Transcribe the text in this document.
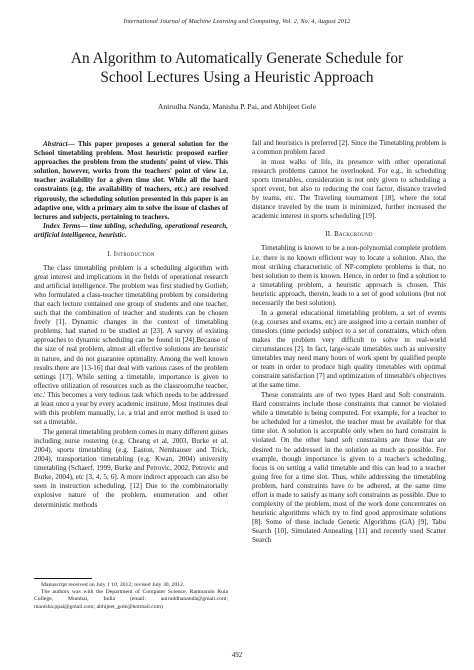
International Journal of Machine Learning and Computing, Vol. 2, No. 4, August 2012
An Algorithm to Automatically Generate Schedule for
School Lectures Using a Heuristic Approach
Anirudha Nanda, Manisha P. Pai, and Abhijeet Gole

Abstract— This paper proposes a general solution for the School timetabling problem. Most heuristic proposed earlier approaches the problem from the students' point of view. This solution, however, works from the teachers' point of view i.e. teacher availability for a given time slot. While all the hard constraints (e.g. the availability of teachers, etc.) are resolved rigorously, the scheduling solution presented in this paper is an adaptive one, with a primary aim to solve the issue of clashes of lectures and subjects, pertaining to teachers.

Index Terms— time tabling, scheduling, operational research, artificial intelligence, heuristic.

I. Introduction

The class timetabling problem is a scheduling algorithm with great interest and implications in the fields of operational research and artificial intelligence. The problem was first studied by Gotlieb, who formulated a class-teacher timetabling problem by considering that each lecture contained one group of students and one teacher, such that the combination of teacher and students can be chosen freely [1]. Dynamic changes in the context of timetabling problems, had started to be studied at [23]. A survey of existing approaches to dynamic scheduling can be found in [24].Because of the size of real problem, almost all effective solutions are heuristic in nature, and do not guarantee optimality. Among the well known results there are [13-16] that deal with various cases of the problem settings [17]. While setting a timetable, importance is given to effective utilization of resources such as the classroom,the teacher, etc.' This becomes a very tedious task which needs to be addressed at least once a year by every academic institute. Most institutes deal with this problem manually, i.e. a trial and error method is used to set a timetable.

The general timetabling problem comes in many different guises including nurse rostering (e.g. Cheang et al, 2003, Burke et al. 2004), sports timetabling (e.g. Easton, Nemhauser and Trick, 2004), transportation timetabling (e.g. Kwan, 2004) university timetabling (Schaerf, 1999, Burke and Petrovic, 2002, Petrovic and Burke, 2004), etc [3, 4, 5, 6]. A more indirect approach can also be seen in instruction scheduling. [12] Due to the combinatorially explosive nature of the problem, enumeration and other deterministic methods

fail and heuristics is preferred [2]. Since the Timetabling problem is a common problem faced

in most walks of life, its presence with other operational research problems cannot be overlooked. For e.g., in scheduling sports timetables, consideration is not only given to scheduling a sport event, but also to reducing the cost factor, distance traveled by teams, etc. The Traveling tournament [18], where the total distance traveled by the team is minimized, further increased the academic interest in sports scheduling [19].

II. Background

Timetabling is known to be a non-polynomial complete problem i.e. there is no known efficient way to locate a solution. Also, the most striking characteristic of NP-complete problems is that, no best solution to them is known. Hence, in order to find a solution to a timetabling problem, a heuristic approach is chosen. This heuristic approach, therein, leads to a set of good solutions (but not necessarily the best solution).

In a general educational timetabling problem, a set of events (e.g. courses and exams, etc) are assigned into a certain number of timeslots (time periods) subject to a set of constraints, which often makes the problem very difficult to solve in real-world circumstances [2]. In fact, large-scale timetables such as university timetables may need many hours of work spent by qualified people or team in order to produce high quality timetables with optimal constraint satisfaction [7] and optimization of timetable's objectives at the same time.

These constraints are of two types Hard and Soft constraints. Hard constraints include those constraints that cannot be violated while a timetable is being computed. For example, for a teacher to be scheduled for a timeslot, the teacher must be available for that time slot. A solution is acceptable only when no hard constraint is violated. On the other hand soft constraints are those that are desired to be addressed in the solution as much as possible. For example, though importance is given to a teacher's scheduling, focus is on setting a valid timetable and this can lead to a teacher going free for a time slot. Thus, while addressing the timetabling problem, hard constraints have to be adhered, at the same time effort is made to satisfy as many soft constraints as possible. Due to complexity of the problem, most of the work done concentrates on heuristic algorithms which try to find good approximate solutions [8]. Some of these include Genetic Algorithms (GA) [9], Tabu Search [10], Simulated Annealing [11] and recently used Scatter Search

Manuscript received on July 1 10, 2012; revised July 30, 2012.

The authors was with the Department of Computer Science, Ramnarain Ruia College, Mumbai, India (email: aniruddhananda@gmail.com; manisha.ppai@gmail.com; abhijeet_gole@hotmail.com)

492
